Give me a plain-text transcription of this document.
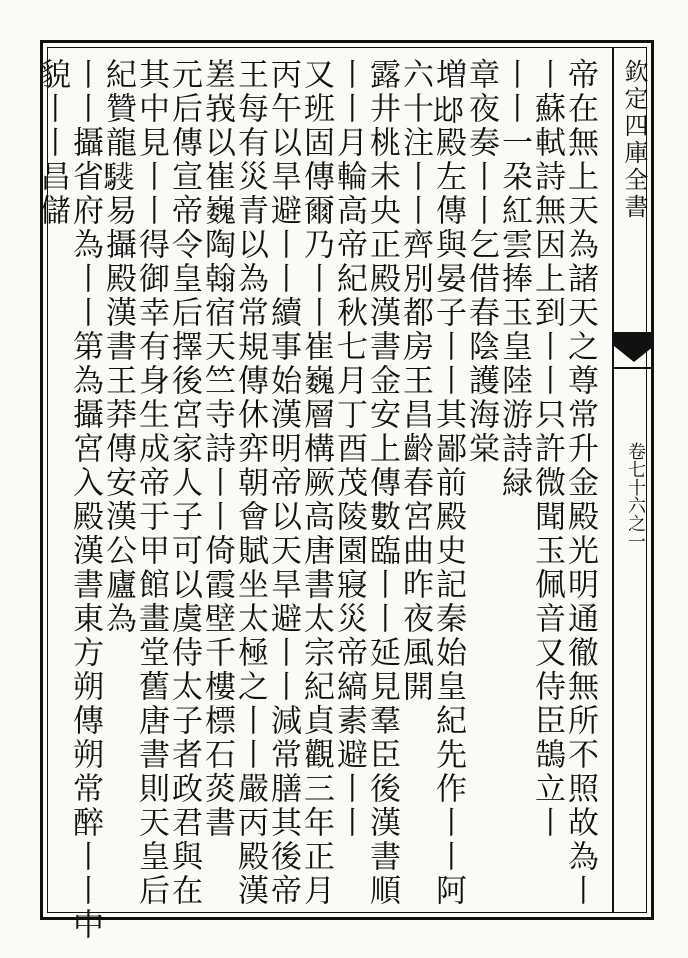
欽定四庫全書
卷七十六之一
帝在無上天為諸天之尊常升金殿光明通徹無所不照故為丨
丨蘇軾詩無因上到丨丨只許微聞玉佩音又侍臣鵠立丨
丨丨一朶紅雲捧玉皇陸游詩緑
章夜奏丨丨乞借春陰護海棠
増𨚍殿左傳與晏子丨丨其鄙前殿史記秦始皇紀先作丨丨阿
六十注丨丨齊別都房王昌齡春宮曲昨夜風開
露井桃未央正殿漢書金安上傳數臨丨丨延見羣臣後漢書順
丨丨月輪高帝紀秋七月丁酉茂陵園寢災帝縞素避丨丨
又班固傳爾乃丨丨崔巍層構厥高唐書太宗紀貞觀三年正月
丙午以旱避丨丨續事始漢明帝以天旱避丨丨減常膳其後帝
王每有災青以為常規傳休弈朝會賦坐太極之丨丨嚴丙殿漢
嵳峩以崔巍陶翰宿天竺寺詩丨丨倚霞壁千樓標石菼書
元后傳宣帝令皇后擇後宮家人子可以虞侍太子者政君與在
其中見丨丨得御幸有身生成帝于甲館畫堂舊唐書則天皇后
紀贊龍𩦎易攝殿漢書王莽傳安漢公廬為
丨丨攝省府為丨丨第為攝宮入殿漢書東方朔傳朔常醉丨丨中
貌丨丨昌儲
